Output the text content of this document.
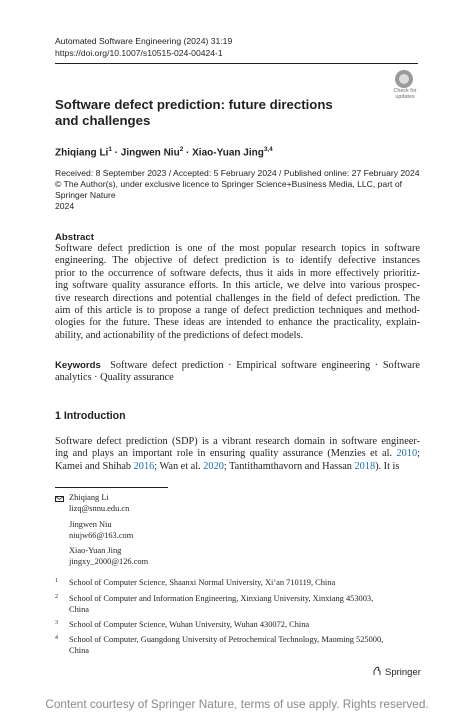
Automated Software Engineering (2024) 31:19
https://doi.org/10.1007/s10515-024-00424-1
Check for
updates
Software defect prediction: future directions
and challenges
Zhiqiang $Li^1$ · Jingwen Niu$^2$ · Xiao-Yuan Jing$^{3,4}$
Received: 8 September 2023 / Accepted: 5 February 2024 / Published online: 27 February 2024
© The Author(s), under exclusive licence to Springer Science+Business Media, LLC, part of Springer Nature
2024
Abstract
Software defect prediction is one of the most popular research topics in software
engineering. The objective of defect prediction is to identify defective instances
prior to the occurrence of software defects, thus it aids in more effectively prioritiz-
ing software quality assurance efforts. In this article, we delve into various prospec-
tive research directions and potential challenges in the field of defect prediction. The
aim of this article is to propose a range of defect prediction techniques and method-
ologies for the future. These ideas are intended to enhance the practicality, explain-
ability, and actionability of the predictions of defect models.
Keywords Software defect prediction · Empirical software engineering · Software
analytics · Quality assurance
1 Introduction
Software defect prediction (SDP) is a vibrant research domain in software engineer-
ing and plays an important role in ensuring quality assurance (Menzies et al. 2010;
Kamei and Shihab 2016; Wan et al. 2020; Tantithamthavorn and Hassan 2018). It is
Zhiqiang Li
lizq@snnu.edu.cn
Jingwen Niu
niujw66@163.com
Xiao-Yuan Jing
jingxy_2000@126.com
1 School of Computer Science, Shaanxi Normal University, Xi’an 710119, China
2 School of Computer and Information Engineering, Xinxiang University, Xinxiang 453003,
China
3 School of Computer Science, Wuhan University, Wuhan 430072, China
4 School of Computer, Guangdong University of Petrochemical Technology, Maoming 525000,
China
Springer
Content courtesy of Springer Nature, terms of use apply. Rights reserved.
